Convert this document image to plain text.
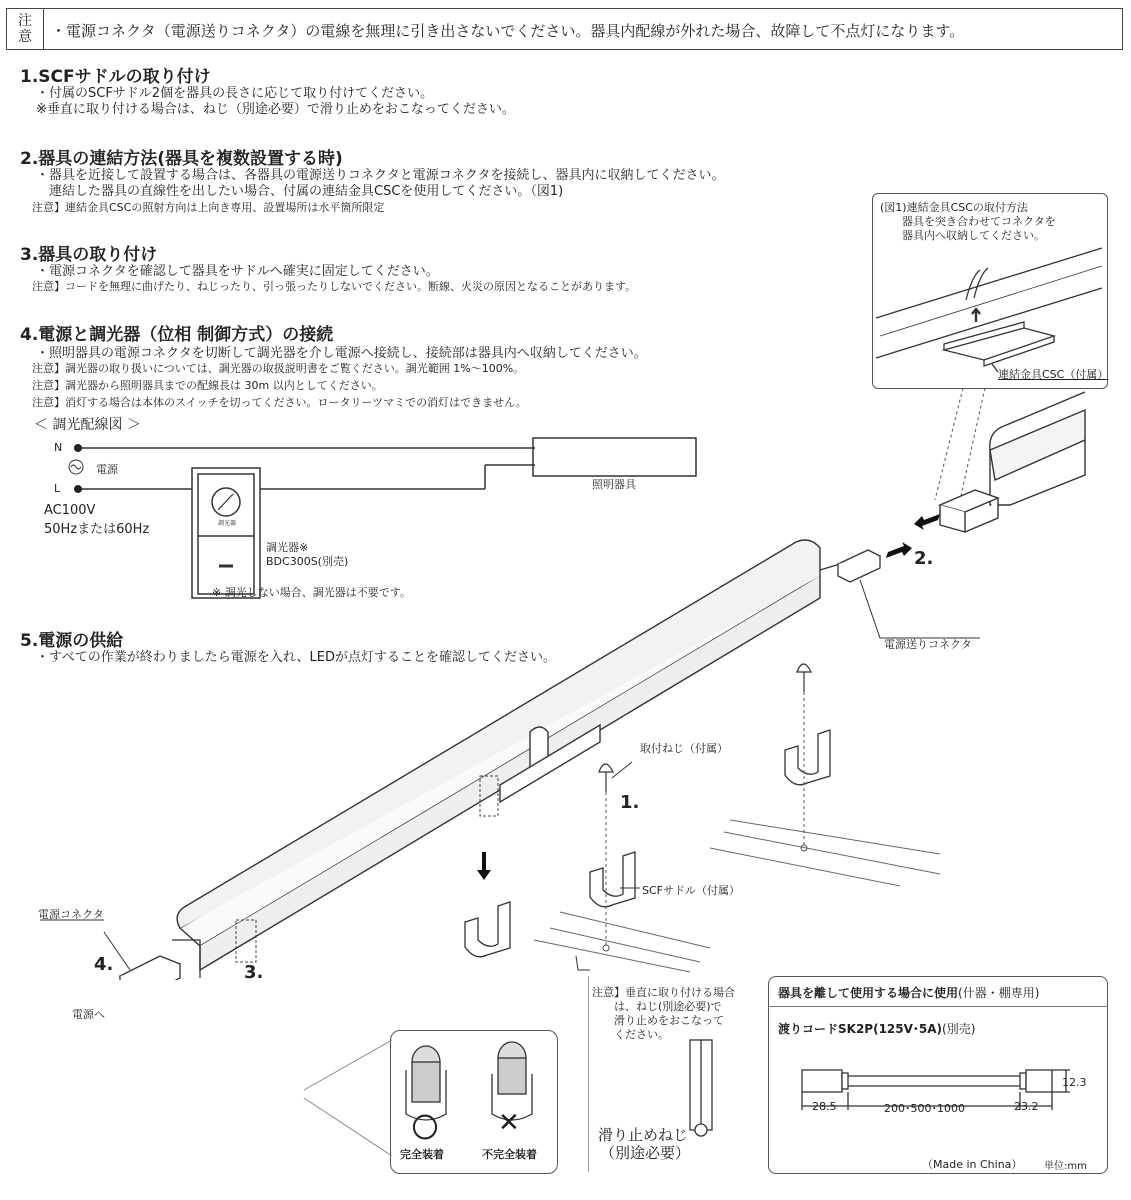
注意 ・電源コネクタ（電源送りコネクタ）の電線を無理に引き出さないでください。器具内配線が外れた場合、故障して不点灯になります。
1.SCFサドルの取り付け
・付属のSCFサドル2個を器具の長さに応じて取り付けてください。
※垂直に取り付ける場合は、ねじ（別途必要）で滑り止めをおこなってください。
2.器具の連結方法(器具を複数設置する時)
・器具を近接して設置する場合は、各器具の電源送りコネクタと電源コネクタを接続し、器具内に収納してください。
　連結した器具の直線性を出したい場合、付属の連結金具CSCを使用してください。（図1)
注意】連結金具CSCの照射方向は上向き専用、設置場所は水平箇所限定
3.器具の取り付け
・電源コネクタを確認して器具をサドルへ確実に固定してください。
注意】コードを無理に曲げたり、ねじったり、引っ張ったりしないでください。断線、火災の原因となることがあります。
4.電源と調光器（位相 制御方式）の接続
・照明器具の電源コネクタを切断して調光器を介し電源へ接続し、接続部は器具内へ収納してください。
注意】調光器の取り扱いについては、調光器の取扱説明書をご覧ください。調光範囲 1%～100%。
注意】調光器から照明器具までの配線長は 30m 以内としてください。
注意】消灯する場合は本体のスイッチを切ってください。ロータリーツマミでの消灯はできません。
＜ 調光配線図 ＞
N
電源
L
AC100V
50Hzまたは60Hz
照明器具
調光器
調光器※
BDC300S(別売)
※ 調光しない場合、調光器は不要です。
5.電源の供給
・すべての作業が終わりましたら電源を入れ、LEDが点灯することを確認してください。
(図1)連結金具CSCの取付方法
　　器具を突き合わせてコネクタを
　　器具内へ収納してください。
連結金具CSC（付属）
電源送りコネクタ
2.
取付ねじ（付属）
1.
SCFサドル（付属）
電源コネクタ
4.	3.
電源へ
〇 ✕
完全装着	不完全装着
注意】垂直に取り付ける場合
　　は、ねじ(別途必要)で
　　滑り止めをおこなって
　　ください。
滑り止めねじ
（別途必要）
器具を離して使用する場合に使用(什器・棚専用)
渡りコードSK2P(125V･5A)(別売)
28.5	200･500･1000	23.2
12.3
（Made in China） 単位:mm
